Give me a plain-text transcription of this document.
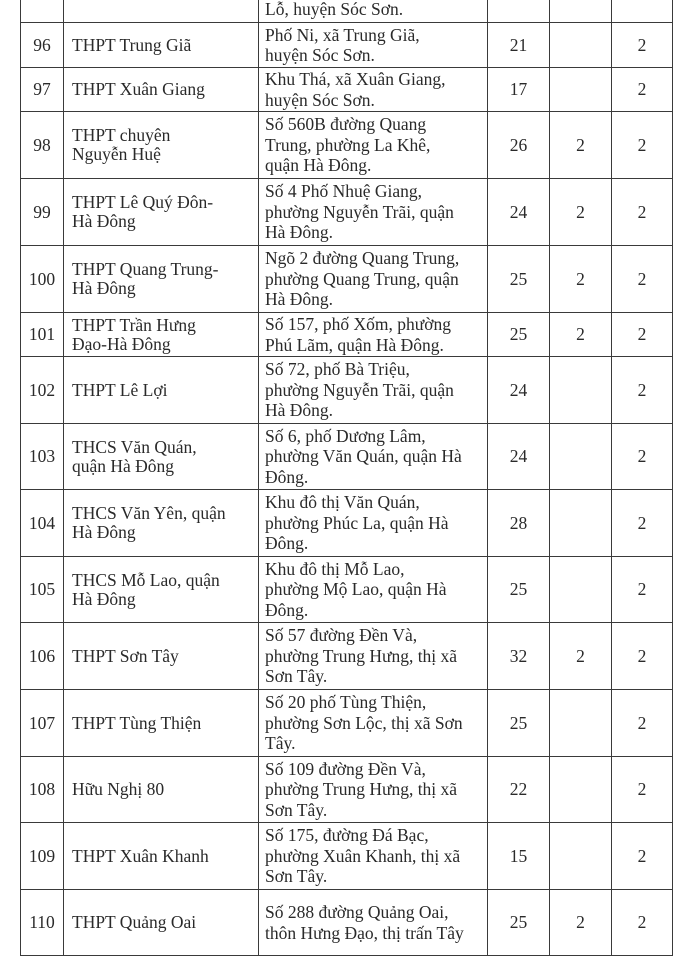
		Lỗ, huyện Sóc Sơn.			

96	THPT Trung Giã	Phố Ni, xã Trung Giã,
huyện Sóc Sơn.	21		2
97	THPT Xuân Giang	Khu Thá, xã Xuân Giang,
huyện Sóc Sơn.	17		2
98	THPT chuyên
Nguyễn Huệ	Số 560B đường Quang
Trung, phường La Khê,
quận Hà Đông.	26	2	2
99	THPT Lê Quý Đôn-
Hà Đông	Số 4 Phố Nhuệ Giang,
phường Nguyễn Trãi, quận
Hà Đông.	24	2	2
100	THPT Quang Trung-
Hà Đông	Ngõ 2 đường Quang Trung,
phường Quang Trung, quận
Hà Đông.	25	2	2
101	THPT Trần Hưng
Đạo-Hà Đông	Số 157, phố Xốm, phường
Phú Lãm, quận Hà Đông.	25	2	2
102	THPT Lê Lợi	Số 72, phố Bà Triệu,
phường Nguyễn Trãi, quận
Hà Đông.	24		2
103	THCS Văn Quán,
quận Hà Đông	Số 6, phố Dương Lâm,
phường Văn Quán, quận Hà
Đông.	24		2
104	THCS Văn Yên, quận
Hà Đông	Khu đô thị Văn Quán,
phường Phúc La, quận Hà
Đông.	28		2
105	THCS Mỗ Lao, quận
Hà Đông	Khu đô thị Mỗ Lao,
phường Mộ Lao, quận Hà
Đông.	25		2
106	THPT Sơn Tây	Số 57 đường Đền Và,
phường Trung Hưng, thị xã
Sơn Tây.	32	2	2
107	THPT Tùng Thiện	Số 20 phố Tùng Thiện,
phường Sơn Lộc, thị xã Sơn
Tây.	25		2
108	Hữu Nghị 80	Số 109 đường Đền Và,
phường Trung Hưng, thị xã
Sơn Tây.	22		2
109	THPT Xuân Khanh	Số 175, đường Đá Bạc,
phường Xuân Khanh, thị xã
Sơn Tây.	15		2
110	THPT Quảng Oai	Số 288 đường Quảng Oai,
thôn Hưng Đạo, thị trấn Tây	25	2	2
